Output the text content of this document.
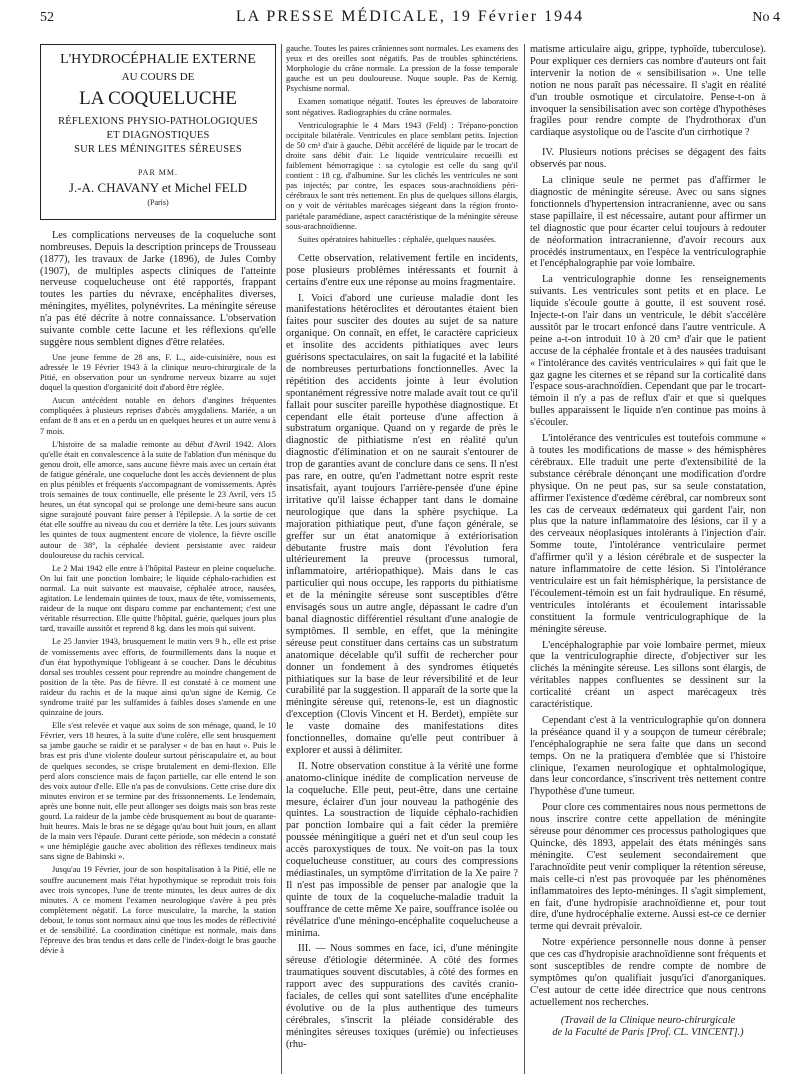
52	LA PRESSE MÉDICALE, 19 Février 1944	No 4
L'HYDROCÉPHALIE EXTERNE
AU COURS DE
LA COQUELUCHE
RÉFLEXIONS PHYSIO-PATHOLOGIQUES
ET DIAGNOSTIQUES
SUR LES MÉNINGITES SÉREUSES
PAR MM.
J.-A. CHAVANY et Michel FELD
(Paris)

Les complications nerveuses de la coqueluche sont nombreuses. Depuis la description princeps de Trousseau (1877), les travaux de Jarke (1896), de Jules Comby (1907), de multiples aspects cliniques de l'atteinte nerveuse coquelucheuse ont été rapportés, frappant toutes les parties du névraxe, encéphalites diverses, méningites, myélites, polynévrites. La méningite séreuse n'a pas été décrite à notre connaissance. L'observation suivante comble cette lacune et les réflexions qu'elle suggère nous semblent dignes d'être relatées.

Une jeune femme de 28 ans, F. L., aide-cuisinière, nous est adressée le 19 Février 1943 à la clinique neuro-chirurgicale de la Pitié, en observation pour un syndrome nerveux bizarre au sujet duquel la question d'organicité doit d'abord être réglée.

Aucun antécédent notable en dehors d'angines fréquentes compliquées à plusieurs reprises d'abcès amygdaliens. Mariée, a un enfant de 8 ans et en a perdu un en quelques heures et un autre venu à 7 mois.

L'histoire de sa maladie remonte au début d'Avril 1942. Alors qu'elle était en convalescence à la suite de l'ablation d'un ménisque du genou droit, elle amorce, sans aucune fièvre mais avec un certain état de fatigue générale, une coqueluche dont les accès deviennent de plus en plus pénibles et fréquents s'accompagnant de vomissements. Après trois semaines de toux continuelle, elle présente le 23 Avril, vers 15 heures, un état syncopal qui se prolonge une demi-heure sans aucun signe surajouté pouvant faire penser à l'épilepsie. A la sortie de cet état elle souffre au niveau du cou et derrière la tête. Les jours suivants les quintes de toux augmentent encore de violence, la fièvre oscille autour de 38°, la céphalée devient persistante avec raideur douloureuse du rachis cervical.

Le 2 Mai 1942 elle entre à l'hôpital Pasteur en pleine coqueluche. On lui fait une ponction lombaire; le liquide céphalo-rachidien est normal. La nuit suivante est mauvaise, céphalée atroce, nausées, agitation. Le lendemain quintes de toux, maux de tête, vomissements, raideur de la nuque ont disparu comme par enchantement; c'est une véritable résurrection. Elle quitte l'hôpital, guérie, quelques jours plus tard, travaille aussitôt et reprend 8 kg. dans les mois qui suivent.

Le 25 Janvier 1943, brusquement le matin vers 9 h., elle est prise de vomissements avec efforts, de fourmillements dans la nuque et d'un état hypothymique l'obligeant à se coucher. Dans le décubitus dorsal ses troubles cessent pour reprendre au moindre changement de position de la tête. Pas de fièvre. Il est constaté à ce moment une raideur du rachis et de la nuque ainsi qu'un signe de Kernig. Ce syndrome traité par les sulfamides à faibles doses s'amende en une quinzaine de jours.

Elle s'est relevée et vaque aux soins de son ménage, quand, le 10 Février, vers 18 heures, à la suite d'une colère, elle sent brusquement sa jambe gauche se raidir et se paralyser « de bas en haut ». Puis le bras est pris d'une violente douleur surtout périscapulaire et, au bout de quelques secondes, se crispe brutalement en demi-flexion. Elle perd alors conscience mais de façon partielle, car elle entend le son des voix autour d'elle. Elle n'a pas de convulsions. Cette crise dure dix minutes environ et se termine par des frissonnements. Le lendemain, après une bonne nuit, elle peut allonger ses doigts mais son bras reste gourd. La raideur de la jambe cède brusquement au bout de quarante-huit heures. Mais le bras ne se dégage qu'au bout huit jours, en allant de la main vers l'épaule. Durant cette période, son médecin a constaté « une hémiplégie gauche avec abolition des réflexes tendineux mais sans signe de Babinski ».

Jusqu'au 19 Février, jour de son hospitalisation à la Pitié, elle ne souffre aucunement mais l'état hypothymique se reproduit trois fois avec trois syncopes, l'une de trente minutes, les deux autres de dix minutes. A ce moment l'examen neurologique s'avère à peu près complètement négatif. La force musculaire, la marche, la station debout, le tonus sont normaux ainsi que tous les modes de réflectivité et de sensibilité. La coordination cinétique est normale, mais dans l'épreuve des bras tendus et dans celle de l'index-doigt le bras gauche dévie à

gauche. Toutes les paires crâniennes sont normales. Les examens des yeux et des oreilles sont négatifs. Pas de troubles sphinctériens. Morphologie du crâne normale. La pression de la fosse temporale gauche est un peu douloureuse. Nuque souple. Pas de Kernig. Psychisme normal.

Examen somatique négatif. Toutes les épreuves de laboratoire sont négatives. Radiographies du crâne normales.

Ventriculographie le 4 Mars 1943 (Feld) : Trépano-ponction occipitale bilatérale. Ventricules en place semblant petits. Injection de 50 cm³ d'air à gauche. Débit accéléré de liquide par le trocart de droite sans débit d'air. Le liquide ventriculaire recueilli est faiblement hémorragique : sa cytologie est celle du sang qu'il contient : 18 cg. d'albumine. Sur les clichés les ventricules ne sont pas injectés; par contre, les espaces sous-arachnoïdiens péri-cérébraux le sont très nettement. En plus de quelques sillons élargis, on y voit de véritables marécages siégeant dans la région fronto-pariétale paramédiane, aspect caractéristique de la méningite séreuse sous-arachnoïdienne.

Suites opératoires habituelles : céphalée, quelques nausées.

Cette observation, relativement fertile en incidents, pose plusieurs problèmes intéressants et fournit à certains d'entre eux une réponse au moins fragmentaire.

I. Voici d'abord une curieuse maladie dont les manifestations hétéroclites et déroutantes étaient bien faites pour susciter des doutes au sujet de sa nature organique. On connaît, en effet, le caractère capricieux et insolite des accidents pithiatiques avec leurs guérisons spectaculaires, on sait la fugacité et la labilité de nombreuses perturbations fonctionnelles. Avec la répétition des accidents jointe à leur évolution spontanément régressive notre malade avait tout ce qu'il fallait pour susciter pareille hypothèse diagnostique. Et cependant elle était porteuse d'une affection à substratum organique. Quand on y regarde de près le diagnostic de pithiatisme n'est en réalité qu'un diagnostic d'élimination et on ne saurait s'entourer de trop de garanties avant de conclure dans ce sens. Il n'est pas rare, en outre, qu'en l'admettant notre esprit reste insatisfait, ayant toujours l'arrière-pensée d'une épine irritative qu'il laisse échapper tant dans le domaine neurologique que dans la sphère psychique. La majoration pithiatique peut, d'une façon générale, se greffer sur un état anatomique à extériorisation débutante frustre mais dont l'évolution fera ultérieurement la preuve (processus tumoral, inflammatoire, artériopathique). Mais dans le cas particulier qui nous occupe, les rapports du pithiatisme et de la méningite séreuse sont susceptibles d'être envisagés sous un autre angle, dépassant le cadre d'un banal diagnostic différentiel résultant d'une analogie de symptômes. Il semble, en effet, que la méningite séreuse peut constituer dans certains cas un substratum anatomique décelable qu'il suffit de rechercher pour donner un fondement à des syndromes étiquetés pithiatiques sur la base de leur réversibilité et de leur curabilité par la suggestion. Il apparaît de la sorte que la méningite séreuse qui, retenons-le, est un diagnostic d'exception (Clovis Vincent et H. Berdet), empiète sur le vaste domaine des manifestations dites fonctionnelles, domaine qu'elle peut contribuer à explorer et aussi à délimiter.

II. Notre observation constitue à la vérité une forme anatomo-clinique inédite de complication nerveuse de la coqueluche. Elle peut, peut-être, dans une certaine mesure, éclairer d'un jour nouveau la pathogénie des quintes. La soustraction de liquide céphalo-rachidien par ponction lombaire qui a fait céder la première poussée méningitique a guéri net et d'un seul coup les accès paroxystiques de toux. Ne voit-on pas la toux coquelucheuse constituer, au cours des compressions médiastinales, un symptôme d'irritation de la Xe paire ? Il n'est pas impossible de penser par analogie que la quinte de toux de la coqueluche-maladie traduit la souffrance de cette même Xe paire, souffrance isolée ou révélatrice d'une méningo-encéphalite coquelucheuse a minima.

III. — Nous sommes en face, ici, d'une méningite séreuse d'étiologie déterminée. A côté des formes traumatiques souvent discutables, à côté des formes en rapport avec des suppurations des cavités cranio-faciales, de celles qui sont satellites d'une encéphalite évolutive ou de la plus authentique des tumeurs cérébrales, s'inscrit la pléiade considérable des méningites séreuses toxiques (urémie) ou infectieuses (rhu-

matisme articulaire aigu, grippe, typhoïde, tuberculose). Pour expliquer ces derniers cas nombre d'auteurs ont fait intervenir la notion de « sensibilisation ». Une telle notion ne nous paraît pas nécessaire. Il s'agit en réalité d'un trouble osmotique et circulatoire. Pense-t-on à invoquer la sensibilisation avec son cortège d'hypothèses fragiles pour rendre compte de l'hydrothorax d'un cardiaque asystolique ou de l'ascite d'un cirrhotique ?

IV. Plusieurs notions précises se dégagent des faits observés par nous.

La clinique seule ne permet pas d'affirmer le diagnostic de méningite séreuse. Avec ou sans signes fonctionnels d'hypertension intracranienne, avec ou sans stase papillaire, il est nécessaire, autant pour affirmer un tel diagnostic que pour écarter celui toujours à redouter de néoformation intracranienne, d'avoir recours aux procédés instrumentaux, en l'espèce la ventriculographie et l'encéphalographie par voie lombaire.

La ventriculographie donne les renseignements suivants. Les ventricules sont petits et en place. Le liquide s'écoule goutte à goutte, il est souvent rosé. Injecte-t-on l'air dans un ventricule, le débit s'accélère aussitôt par le trocart enfoncé dans l'autre ventricule. A peine a-t-on introduit 10 à 20 cm³ d'air que le patient accuse de la céphalée frontale et à des nausées traduisant « l'intolérance des cavités ventriculaires » qui fait que le gaz gagne les citernes et se répand sur la corticalité dans l'espace sous-arachnoïdien. Cependant que par le trocart-témoin il n'y a pas de reflux d'air et que si quelques bulles apparaissent le liquide n'en continue pas moins à s'écouler.

L'intolérance des ventricules est toutefois commune « à toutes les modifications de masse » des hémisphères cérébraux. Elle traduit une perte d'extensibilité de la substance cérébrale dénonçant une modification d'ordre physique. On ne peut pas, sur sa seule constatation, affirmer l'existence d'œdème cérébral, car nombreux sont les cas de cerveaux œdémateux qui gardent l'air, non plus que la nature inflammatoire des lésions, car il y a des cerveaux néoplasiques intolérants à l'injection d'air. Somme toute, l'intolérance ventriculaire permet d'affirmer qu'il y a lésion cérébrale et de suspecter la nature inflammatoire de cette lésion. Si l'intolérance ventriculaire est un fait hémisphérique, la persistance de l'écoulement-témoin est un fait hydraulique. En résumé, ventricules intolérants et écoulement intarissable constituent la formule ventriculographique de la méningite séreuse.

L'encéphalographie par voie lombaire permet, mieux que la ventriculographie directe, d'objectiver sur les clichés la méningite séreuse. Les sillons sont élargis, de véritables nappes confluentes se dessinent sur la corticalité créant un aspect marécageux très caractéristique.

Cependant c'est à la ventriculographie qu'on donnera la préséance quand il y a soupçon de tumeur cérébrale; l'encéphalographie ne sera faite que dans un second temps. On ne la pratiquera d'emblée que si l'histoire clinique, l'examen neurologique et ophtalmologique, dans leur concordance, s'inscrivent très nettement contre l'hypothèse d'une tumeur.

Pour clore ces commentaires nous nous permettons de nous inscrire contre cette appellation de méningite séreuse pour dénommer ces processus pathologiques que Quincke, dès 1893, appelait des états méningés sans méningite. C'est seulement secondairement que l'arachnoïdite peut venir compliquer la rétention séreuse, mais celle-ci n'est pas provoquée par les phénomènes inflammatoires des lepto-méninges. Il s'agit simplement, en fait, d'une hydropisie arachnoïdienne et, pour tout dire, d'une hydrocéphalie externe. Aussi est-ce ce dernier terme qui devrait prévaloir.

Notre expérience personnelle nous donne à penser que ces cas d'hydropisie arachnoïdienne sont fréquents et sont susceptibles de rendre compte de nombre de symptômes qu'on qualifiait jusqu'ici d'anorganiques. C'est autour de cette idée directrice que nous centrons actuellement nos recherches.

(Travail de la Clinique neuro-chirurgicale
de la Faculté de Paris [Prof. CL. VINCENT].)
